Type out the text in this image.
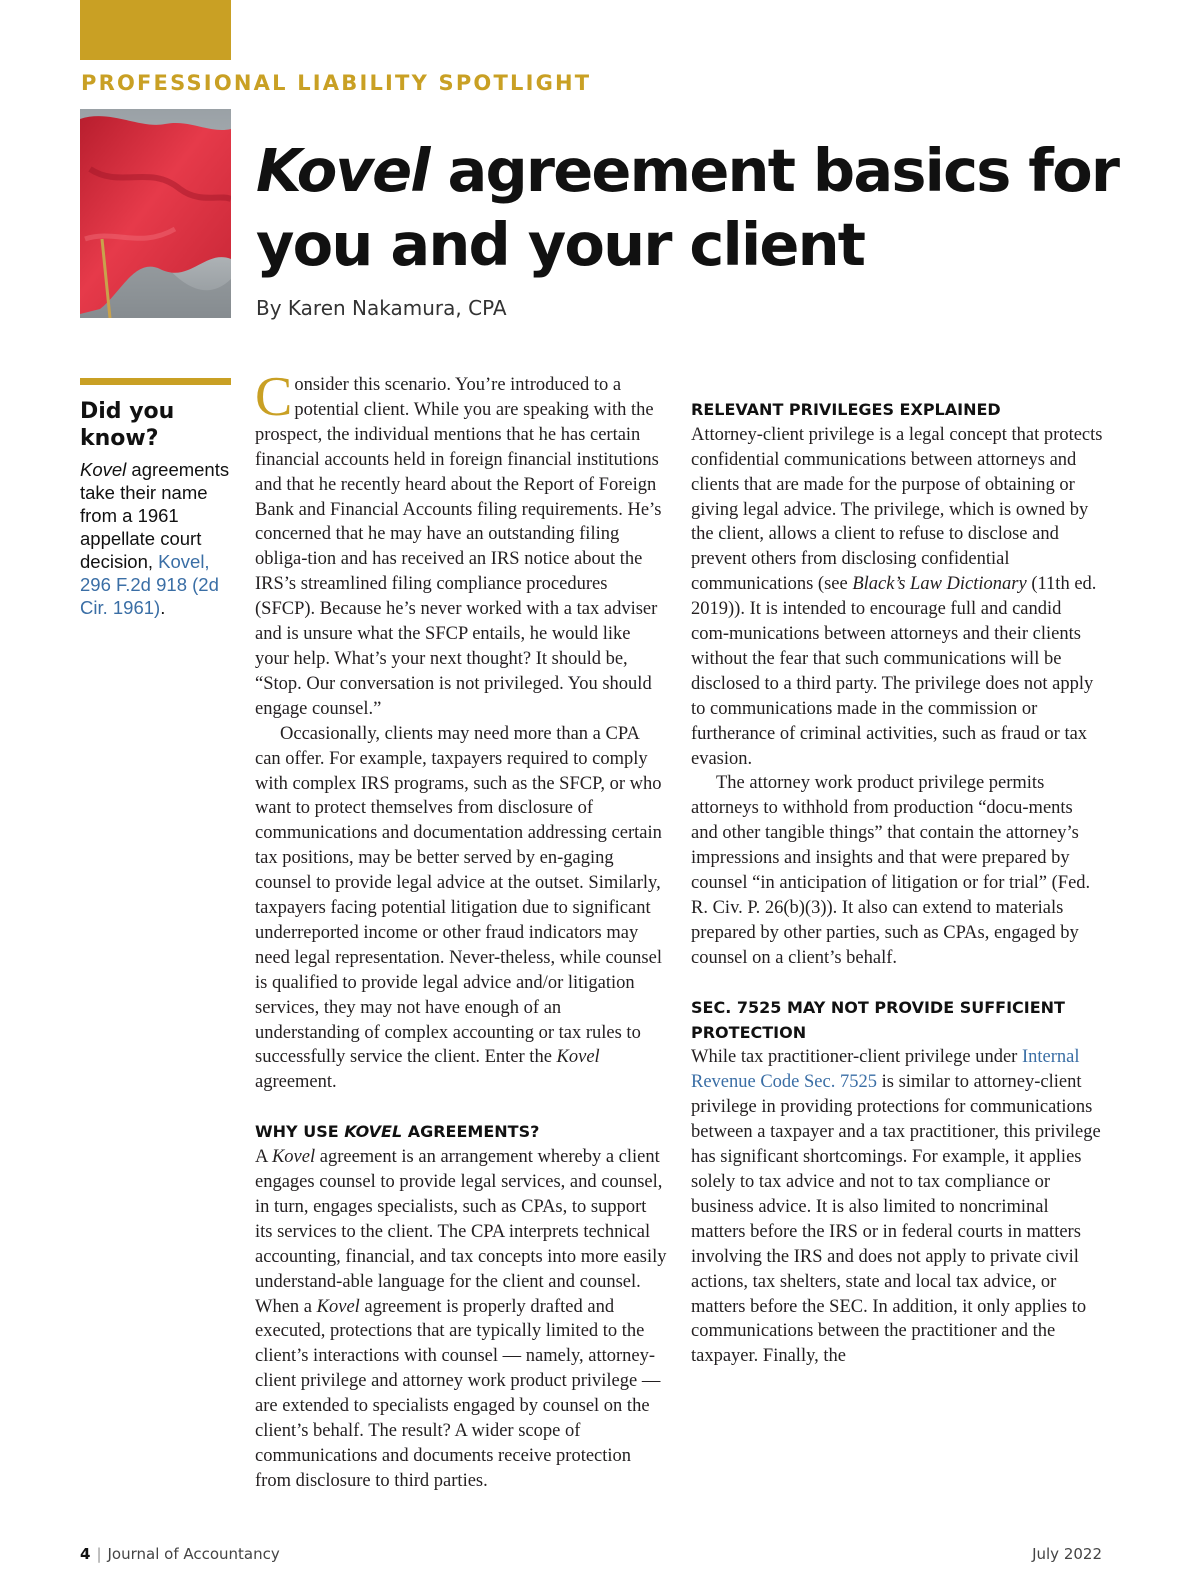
PROFESSIONAL LIABILITY SPOTLIGHT
Kovel agreement basics for you and your client
By Karen Nakamura, CPA
Did you know?

Kovel agreements take their name from a 1961 appellate court decision, Kovel, 296 F.2d 918 (2d Cir. 1961).

Consider this scenario. You’re introduced to a potential client. While you are speaking with the prospect, the individual mentions that he has certain financial accounts held in foreign financial institutions and that he recently heard about the Report of Foreign Bank and Financial Accounts filing requirements. He’s concerned that he may have an outstanding filing obliga-tion and has received an IRS notice about the IRS’s streamlined filing compliance procedures (SFCP). Because he’s never worked with a tax adviser and is unsure what the SFCP entails, he would like your help. What’s your next thought? It should be, “Stop. Our conversation is not privileged. You should engage counsel.”

Occasionally, clients may need more than a CPA can offer. For example, taxpayers required to comply with complex IRS programs, such as the SFCP, or who want to protect themselves from disclosure of communications and documentation addressing certain tax positions, may be better served by en-gaging counsel to provide legal advice at the outset. Similarly, taxpayers facing potential litigation due to significant underreported income or other fraud indicators may need legal representation. Never-theless, while counsel is qualified to provide legal advice and/or litigation services, they may not have enough of an understanding of complex accounting or tax rules to successfully service the client. Enter the Kovel agreement.

WHY USE KOVEL AGREEMENTS?

A Kovel agreement is an arrangement whereby a client engages counsel to provide legal services, and counsel, in turn, engages specialists, such as CPAs, to support its services to the client. The CPA interprets technical accounting, financial, and tax concepts into more easily understand-able language for the client and counsel. When a Kovel agreement is properly drafted and executed, protections that are typically limited to the client’s interactions with counsel — namely, attorney-client privilege and attorney work product privilege — are extended to specialists engaged by counsel on the client’s behalf. The result? A wider scope of communications and documents receive protection from disclosure to third parties.

RELEVANT PRIVILEGES EXPLAINED

Attorney-client privilege is a legal concept that protects confidential communications between attorneys and clients that are made for the purpose of obtaining or giving legal advice. The privilege, which is owned by the client, allows a client to refuse to disclose and prevent others from disclosing confidential communications (see Black’s Law Dictionary (11th ed. 2019)). It is intended to encourage full and candid com-munications between attorneys and their clients without the fear that such communications will be disclosed to a third party. The privilege does not apply to communications made in the commission or furtherance of criminal activities, such as fraud or tax evasion.

The attorney work product privilege permits attorneys to withhold from production “docu-ments and other tangible things” that contain the attorney’s impressions and insights and that were prepared by counsel “in anticipation of litigation or for trial” (Fed. R. Civ. P. 26(b)(3)). It also can extend to materials prepared by other parties, such as CPAs, engaged by counsel on a client’s behalf.

SEC. 7525 MAY NOT PROVIDE SUFFICIENT PROTECTION

While tax practitioner-client privilege under Internal Revenue Code Sec. 7525 is similar to attorney-client privilege in providing protections for communications between a taxpayer and a tax practitioner, this privilege has significant shortcomings. For example, it applies solely to tax advice and not to tax compliance or business advice. It is also limited to noncriminal matters before the IRS or in federal courts in matters involving the IRS and does not apply to private civil actions, tax shelters, state and local tax advice, or matters before the SEC. In addition, it only applies to communications between the practitioner and the taxpayer. Finally, the

4 | Journal of Accountancy	July 2022
